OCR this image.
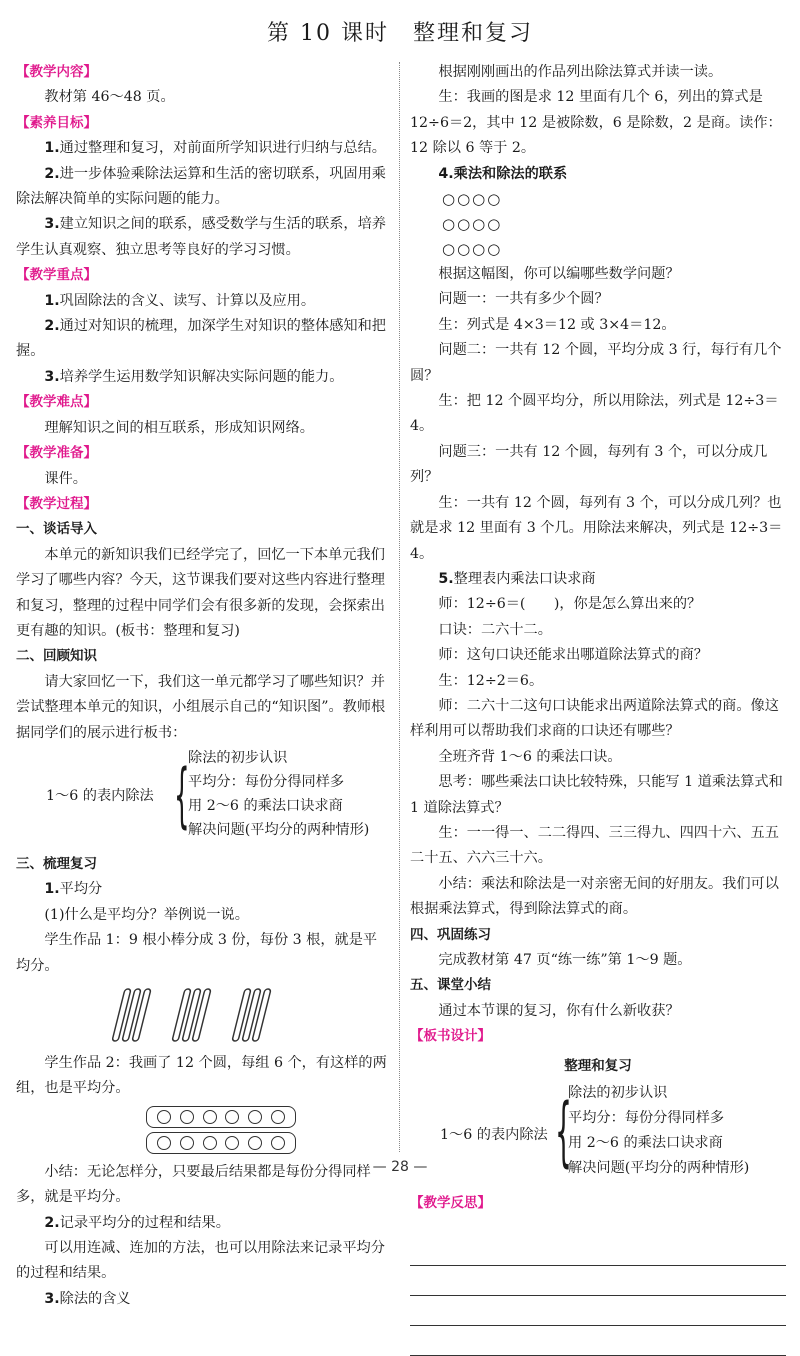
第 10 课时　整理和复习

【教学内容】

教材第 46～48 页。

【素养目标】

1.通过整理和复习，对前面所学知识进行归纳与总结。

2.进一步体验乘除法运算和生活的密切联系，巩固用乘除法解决简单的实际问题的能力。

3.建立知识之间的联系，感受数学与生活的联系，培养学生认真观察、独立思考等良好的学习习惯。

【教学重点】

1.巩固除法的含义、读写、计算以及应用。

2.通过对知识的梳理，加深学生对知识的整体感知和把握。

3.培养学生运用数学知识解决实际问题的能力。

【教学难点】

理解知识之间的相互联系，形成知识网络。

【教学准备】

课件。

【教学过程】

一、谈话导入

本单元的新知识我们已经学完了，回忆一下本单元我们学习了哪些内容？今天，这节课我们要对这些内容进行整理和复习，整理的过程中同学们会有很多新的发现，会探索出更有趣的知识。(板书：整理和复习)

二、回顾知识

请大家回忆一下，我们这一单元都学习了哪些知识？并尝试整理本单元的知识，小组展示自己的“知识图”。教师根据同学们的展示进行板书：

1～6 的表内除法 {
除法的初步认识
平均分：每份分得同样多
用 2～6 的乘法口诀求商
解决问题(平均分的两种情形)

三、梳理复习

1.平均分

(1)什么是平均分？举例说一说。

学生作品 1：9 根小棒分成 3 份，每份 3 根，就是平均分。

学生作品 2：我画了 12 个圆，每组 6 个，有这样的两组，也是平均分。

小结：无论怎样分，只要最后结果都是每份分得同样多，就是平均分。

2.记录平均分的过程和结果。

可以用连减、连加的方法，也可以用除法来记录平均分的过程和结果。

3.除法的含义

根据刚刚画出的作品列出除法算式并读一读。

生：我画的图是求 12 里面有几个 6，列出的算式是 12÷6＝2，其中 12 是被除数，6 是除数，2 是商。读作：12 除以 6 等于 2。

4.乘法和除法的联系

○○○○
○○○○
○○○○

根据这幅图，你可以编哪些数学问题？

问题一：一共有多少个圆？

生：列式是 4×3＝12 或 3×4＝12。

问题二：一共有 12 个圆，平均分成 3 行，每行有几个圆？

生：把 12 个圆平均分，所以用除法，列式是 12÷3＝4。

问题三：一共有 12 个圆，每列有 3 个，可以分成几列？

生：一共有 12 个圆，每列有 3 个，可以分成几列？也就是求 12 里面有 3 个几。用除法来解决，列式是 12÷3＝4。

5.整理表内乘法口诀求商

师：12÷6＝(　　)，你是怎么算出来的？

口诀：二六十二。

师：这句口诀还能求出哪道除法算式的商？

生：12÷2＝6。

师：二六十二这句口诀能求出两道除法算式的商。像这样利用可以帮助我们求商的口诀还有哪些？

全班齐背 1～6 的乘法口诀。

思考：哪些乘法口诀比较特殊，只能写 1 道乘法算式和 1 道除法算式？

生：一一得一、二二得四、三三得九、四四十六、五五二十五、六六三十六。

小结：乘法和除法是一对亲密无间的好朋友。我们可以根据乘法算式，得到除法算式的商。

四、巩固练习

完成教材第 47 页“练一练”第 1～9 题。

五、课堂小结

通过本节课的复习，你有什么新收获？

【板书设计】

整理和复习
1～6 的表内除法 {
除法的初步认识
平均分：每份分得同样多
用 2～6 的乘法口诀求商
解决问题(平均分的两种情形)

【教学反思】

— 28 —
